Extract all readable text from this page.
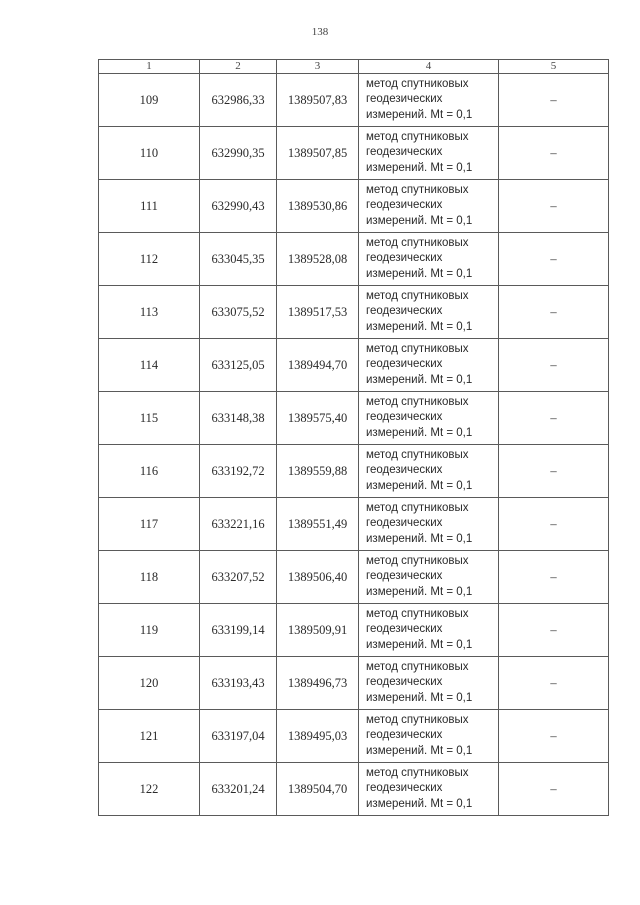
138
1	2	3	4	5
109	632986,33	1389507,83	метод спутниковых
геодезических
измерений. Mt = 0,1	–
110	632990,35	1389507,85	метод спутниковых
геодезических
измерений. Mt = 0,1	–
111	632990,43	1389530,86	метод спутниковых
геодезических
измерений. Mt = 0,1	–
112	633045,35	1389528,08	метод спутниковых
геодезических
измерений. Mt = 0,1	–
113	633075,52	1389517,53	метод спутниковых
геодезических
измерений. Mt = 0,1	–
114	633125,05	1389494,70	метод спутниковых
геодезических
измерений. Mt = 0,1	–
115	633148,38	1389575,40	метод спутниковых
геодезических
измерений. Mt = 0,1	–
116	633192,72	1389559,88	метод спутниковых
геодезических
измерений. Mt = 0,1	–
117	633221,16	1389551,49	метод спутниковых
геодезических
измерений. Mt = 0,1	–
118	633207,52	1389506,40	метод спутниковых
геодезических
измерений. Mt = 0,1	–
119	633199,14	1389509,91	метод спутниковых
геодезических
измерений. Mt = 0,1	–
120	633193,43	1389496,73	метод спутниковых
геодезических
измерений. Mt = 0,1	–
121	633197,04	1389495,03	метод спутниковых
геодезических
измерений. Mt = 0,1	–
122	633201,24	1389504,70	метод спутниковых
геодезических
измерений. Mt = 0,1	–
